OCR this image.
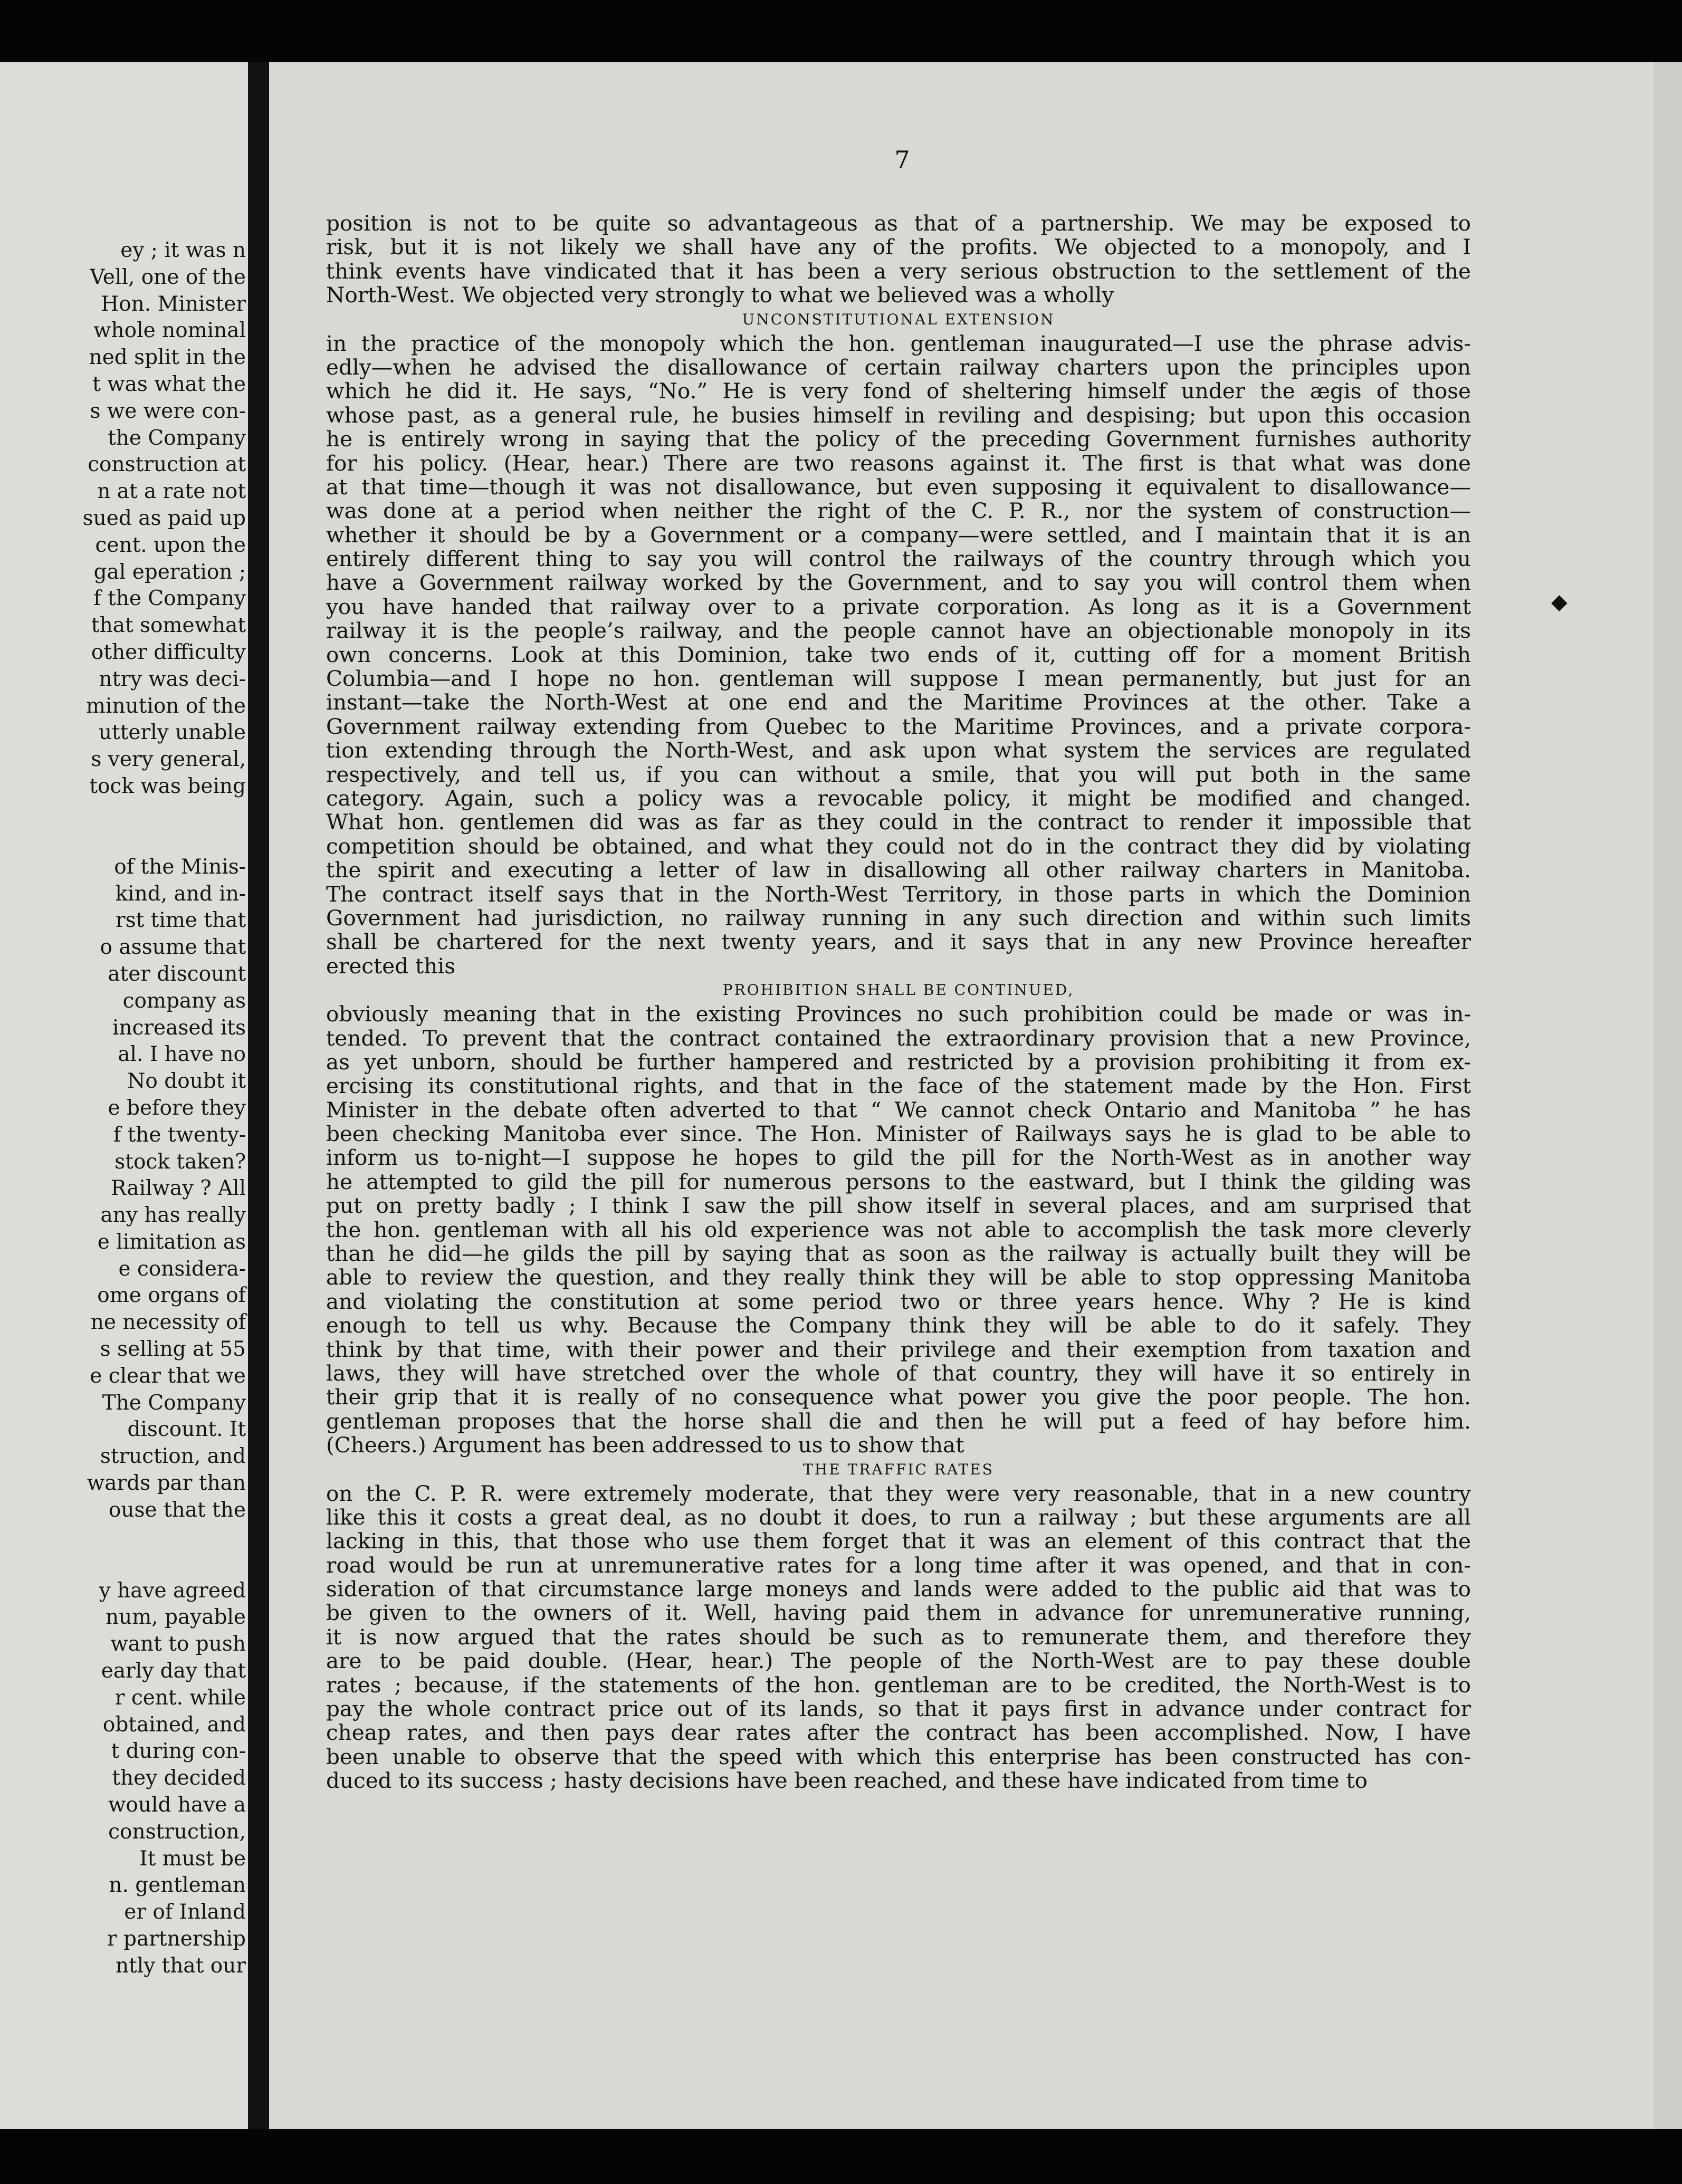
ey ; it was n
Vell, one of the
Hon. Minister
whole nominal
ned split in the
t was what the
s we were con-
the Company
construction at
n at a rate not
sued as paid up
cent. upon the
gal eperation ;
f the Company
that somewhat
other difficulty
ntry was deci-
minution of the
utterly unable
s very general,
tock was being
of the Minis-
kind, and in-
rst time that
o assume that
ater discount
company as
increased its
al. I have no
No doubt it
e before they
f the twenty-
stock taken?
Railway ? All
any has really
e limitation as
e considera-
ome organs of
ne necessity of
s selling at 55
e clear that we
The Company
discount. It
struction, and
wards par than
ouse that the
y have agreed
num, payable
want to push
early day that
r cent. while
obtained, and
t during con-
they decided
would have a
construction,
It must be
n. gentleman
er of Inland
r partnership
ntly that our
7
position is not to be quite so advantageous as that of a partnership. We may be exposed to
risk, but it is not likely we shall have any of the profits. We objected to a monopoly, and I
think events have vindicated that it has been a very serious obstruction to the settlement of the
North-West. We objected very strongly to what we believed was a wholly
UNCONSTITUTIONAL EXTENSION
in the practice of the monopoly which the hon. gentleman inaugurated—I use the phrase advis-
edly—when he advised the disallowance of certain railway charters upon the principles upon
which he did it. He says, “No.” He is very fond of sheltering himself under the ægis of those
whose past, as a general rule, he busies himself in reviling and despising; but upon this occasion
he is entirely wrong in saying that the policy of the preceding Government furnishes authority
for his policy. (Hear, hear.) There are two reasons against it. The first is that what was done
at that time—though it was not disallowance, but even supposing it equivalent to disallowance—
was done at a period when neither the right of the C. P. R., nor the system of construction—
whether it should be by a Government or a company—were settled, and I maintain that it is an
entirely different thing to say you will control the railways of the country through which you
have a Government railway worked by the Government, and to say you will control them when
you have handed that railway over to a private corporation. As long as it is a Government
railway it is the people’s railway, and the people cannot have an objectionable monopoly in its
own concerns. Look at this Dominion, take two ends of it, cutting off for a moment British
Columbia—and I hope no hon. gentleman will suppose I mean permanently, but just for an
instant—take the North-West at one end and the Maritime Provinces at the other. Take a
Government railway extending from Quebec to the Maritime Provinces, and a private corpora-
tion extending through the North-West, and ask upon what system the services are regulated
respectively, and tell us, if you can without a smile, that you will put both in the same
category. Again, such a policy was a revocable policy, it might be modified and changed.
What hon. gentlemen did was as far as they could in the contract to render it impossible that
competition should be obtained, and what they could not do in the contract they did by violating
the spirit and executing a letter of law in disallowing all other railway charters in Manitoba.
The contract itself says that in the North-West Territory, in those parts in which the Dominion
Government had jurisdiction, no railway running in any such direction and within such limits
shall be chartered for the next twenty years, and it says that in any new Province hereafter
erected this
PROHIBITION SHALL BE CONTINUED,
obviously meaning that in the existing Provinces no such prohibition could be made or was in-
tended. To prevent that the contract contained the extraordinary provision that a new Province,
as yet unborn, should be further hampered and restricted by a provision prohibiting it from ex-
ercising its constitutional rights, and that in the face of the statement made by the Hon. First
Minister in the debate often adverted to that “ We cannot check Ontario and Manitoba ” he has
been checking Manitoba ever since. The Hon. Minister of Railways says he is glad to be able to
inform us to-night—I suppose he hopes to gild the pill for the North-West as in another way
he attempted to gild the pill for numerous persons to the eastward, but I think the gilding was
put on pretty badly ; I think I saw the pill show itself in several places, and am surprised that
the hon. gentleman with all his old experience was not able to accomplish the task more cleverly
than he did—he gilds the pill by saying that as soon as the railway is actually built they will be
able to review the question, and they really think they will be able to stop oppressing Manitoba
and violating the constitution at some period two or three years hence. Why ? He is kind
enough to tell us why. Because the Company think they will be able to do it safely. They
think by that time, with their power and their privilege and their exemption from taxation and
laws, they will have stretched over the whole of that country, they will have it so entirely in
their grip that it is really of no consequence what power you give the poor people. The hon.
gentleman proposes that the horse shall die and then he will put a feed of hay before him.
(Cheers.) Argument has been addressed to us to show that
THE TRAFFIC RATES
on the C. P. R. were extremely moderate, that they were very reasonable, that in a new country
like this it costs a great deal, as no doubt it does, to run a railway ; but these arguments are all
lacking in this, that those who use them forget that it was an element of this contract that the
road would be run at unremunerative rates for a long time after it was opened, and that in con-
sideration of that circumstance large moneys and lands were added to the public aid that was to
be given to the owners of it. Well, having paid them in advance for unremunerative running,
it is now argued that the rates should be such as to remunerate them, and therefore they
are to be paid double. (Hear, hear.) The people of the North-West are to pay these double
rates ; because, if the statements of the hon. gentleman are to be credited, the North-West is to
pay the whole contract price out of its lands, so that it pays first in advance under contract for
cheap rates, and then pays dear rates after the contract has been accomplished. Now, I have
been unable to observe that the speed with which this enterprise has been constructed has con-
duced to its success ; hasty decisions have been reached, and these have indicated from time to
◆
